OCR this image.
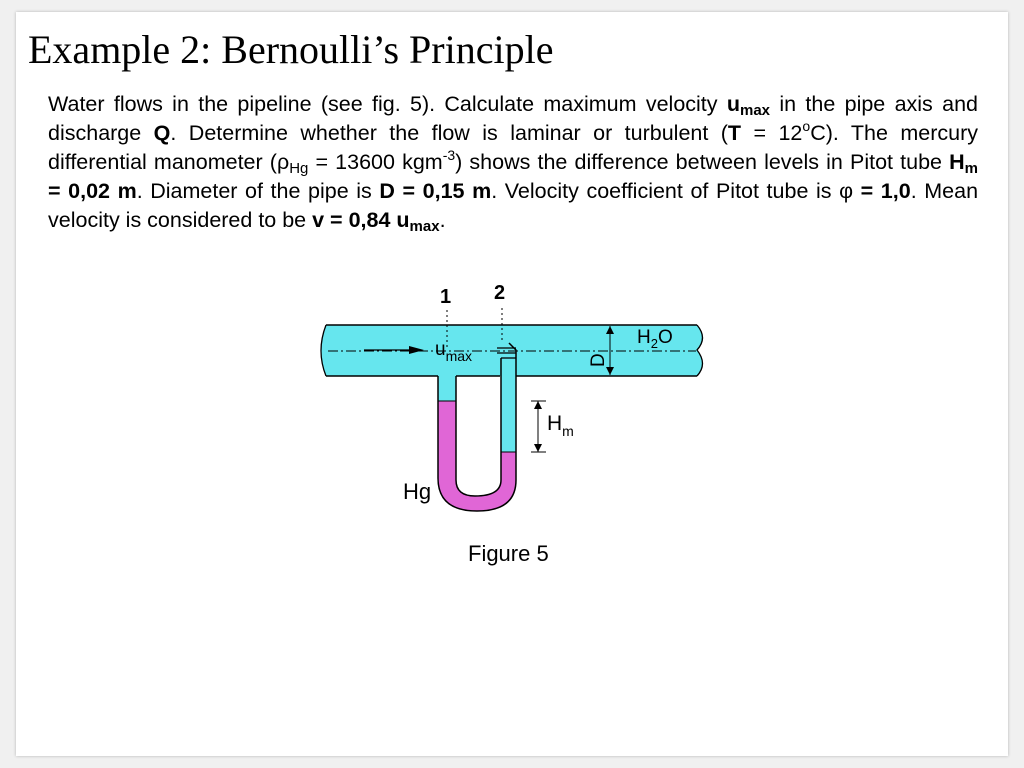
Example 2: Bernoulli’s Principle
Water flows in the pipeline (see fig. 5). Calculate maximum velocity $u_{max}$ in the pipe axis and discharge Q. Determine whether the flow is laminar or turbulent $(T = 12^oC)$. The mercury differential manometer ($\rho_{Hg} = 13600$ kgm$^{-3}$) shows the difference between levels in Pitot tube $H_m = 0,02$ m. Diameter of the pipe is D = 0,15 m. Velocity coefficient of Pitot tube is φ = 1,0. Mean velocity is considered to be v = 0,84 $u_{max}$.
1 2
umax	D
$H_2O$
Hm
Hg
Figure 5
